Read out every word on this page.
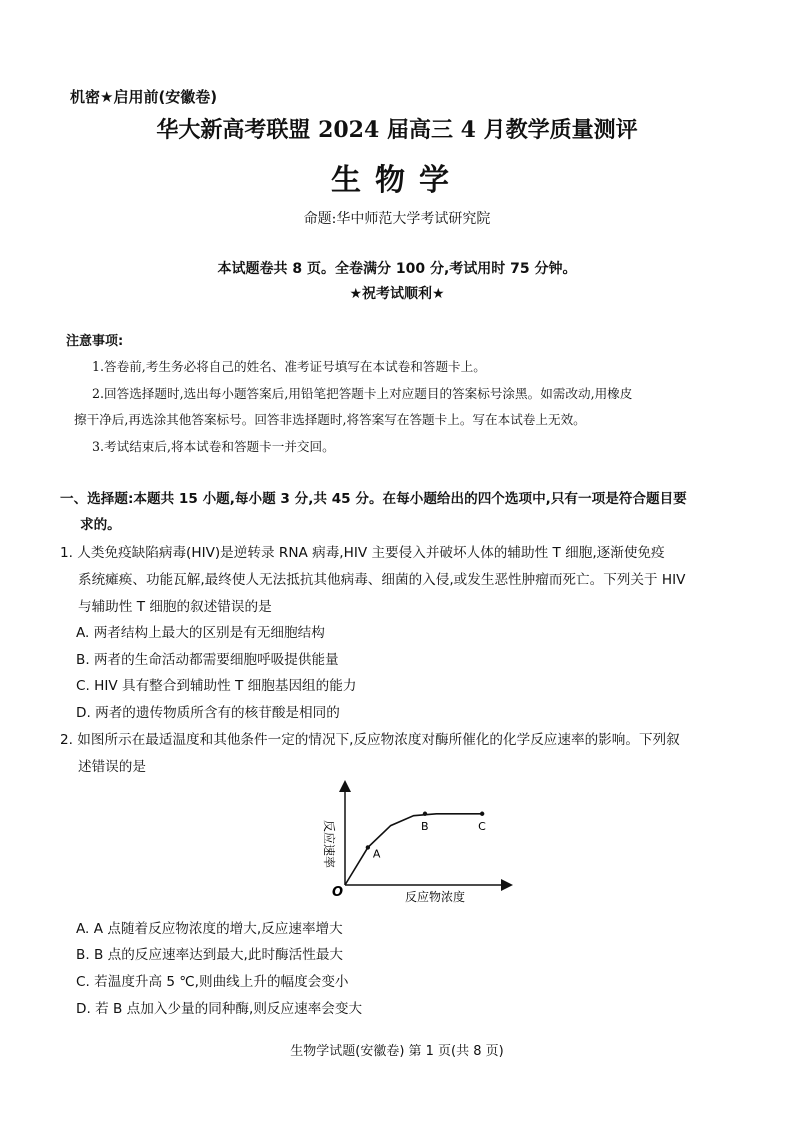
机密★启用前(安徽卷)
华大新高考联盟 2024 届高三 4 月教学质量测评
生物学
命题:华中师范大学考试研究院
本试题卷共 8 页。全卷满分 100 分,考试用时 75 分钟。
★祝考试顺利★
注意事项:
1.答卷前,考生务必将自己的姓名、准考证号填写在本试卷和答题卡上。
2.回答选择题时,选出每小题答案后,用铅笔把答题卡上对应题目的答案标号涂黑。如需改动,用橡皮
擦干净后,再选涂其他答案标号。回答非选择题时,将答案写在答题卡上。写在本试卷上无效。
3.考试结束后,将本试卷和答题卡一并交回。
一、选择题:本题共 15 小题,每小题 3 分,共 45 分。在每小题给出的四个选项中,只有一项是符合题目要
求的。
1. 人类免疫缺陷病毒(HIV)是逆转录 RNA 病毒,HIV 主要侵入并破坏人体的辅助性 T 细胞,逐渐使免疫
系统瘫痪、功能瓦解,最终使人无法抵抗其他病毒、细菌的入侵,或发生恶性肿瘤而死亡。下列关于 HIV
与辅助性 T 细胞的叙述错误的是
A. 两者结构上最大的区别是有无细胞结构
B. 两者的生命活动都需要细胞呼吸提供能量
C. HIV 具有整合到辅助性 T 细胞基因组的能力
D. 两者的遗传物质所含有的核苷酸是相同的
2. 如图所示在最适温度和其他条件一定的情况下,反应物浓度对酶所催化的化学反应速率的影响。下列叙
述错误的是
A
B	C
O	反应物浓度
反应速率
A. A 点随着反应物浓度的增大,反应速率增大
B. B 点的反应速率达到最大,此时酶活性最大
C. 若温度升高 5 ℃,则曲线上升的幅度会变小
D. 若 B 点加入少量的同种酶,则反应速率会变大
生物学试题(安徽卷) 第 1 页(共 8 页)
